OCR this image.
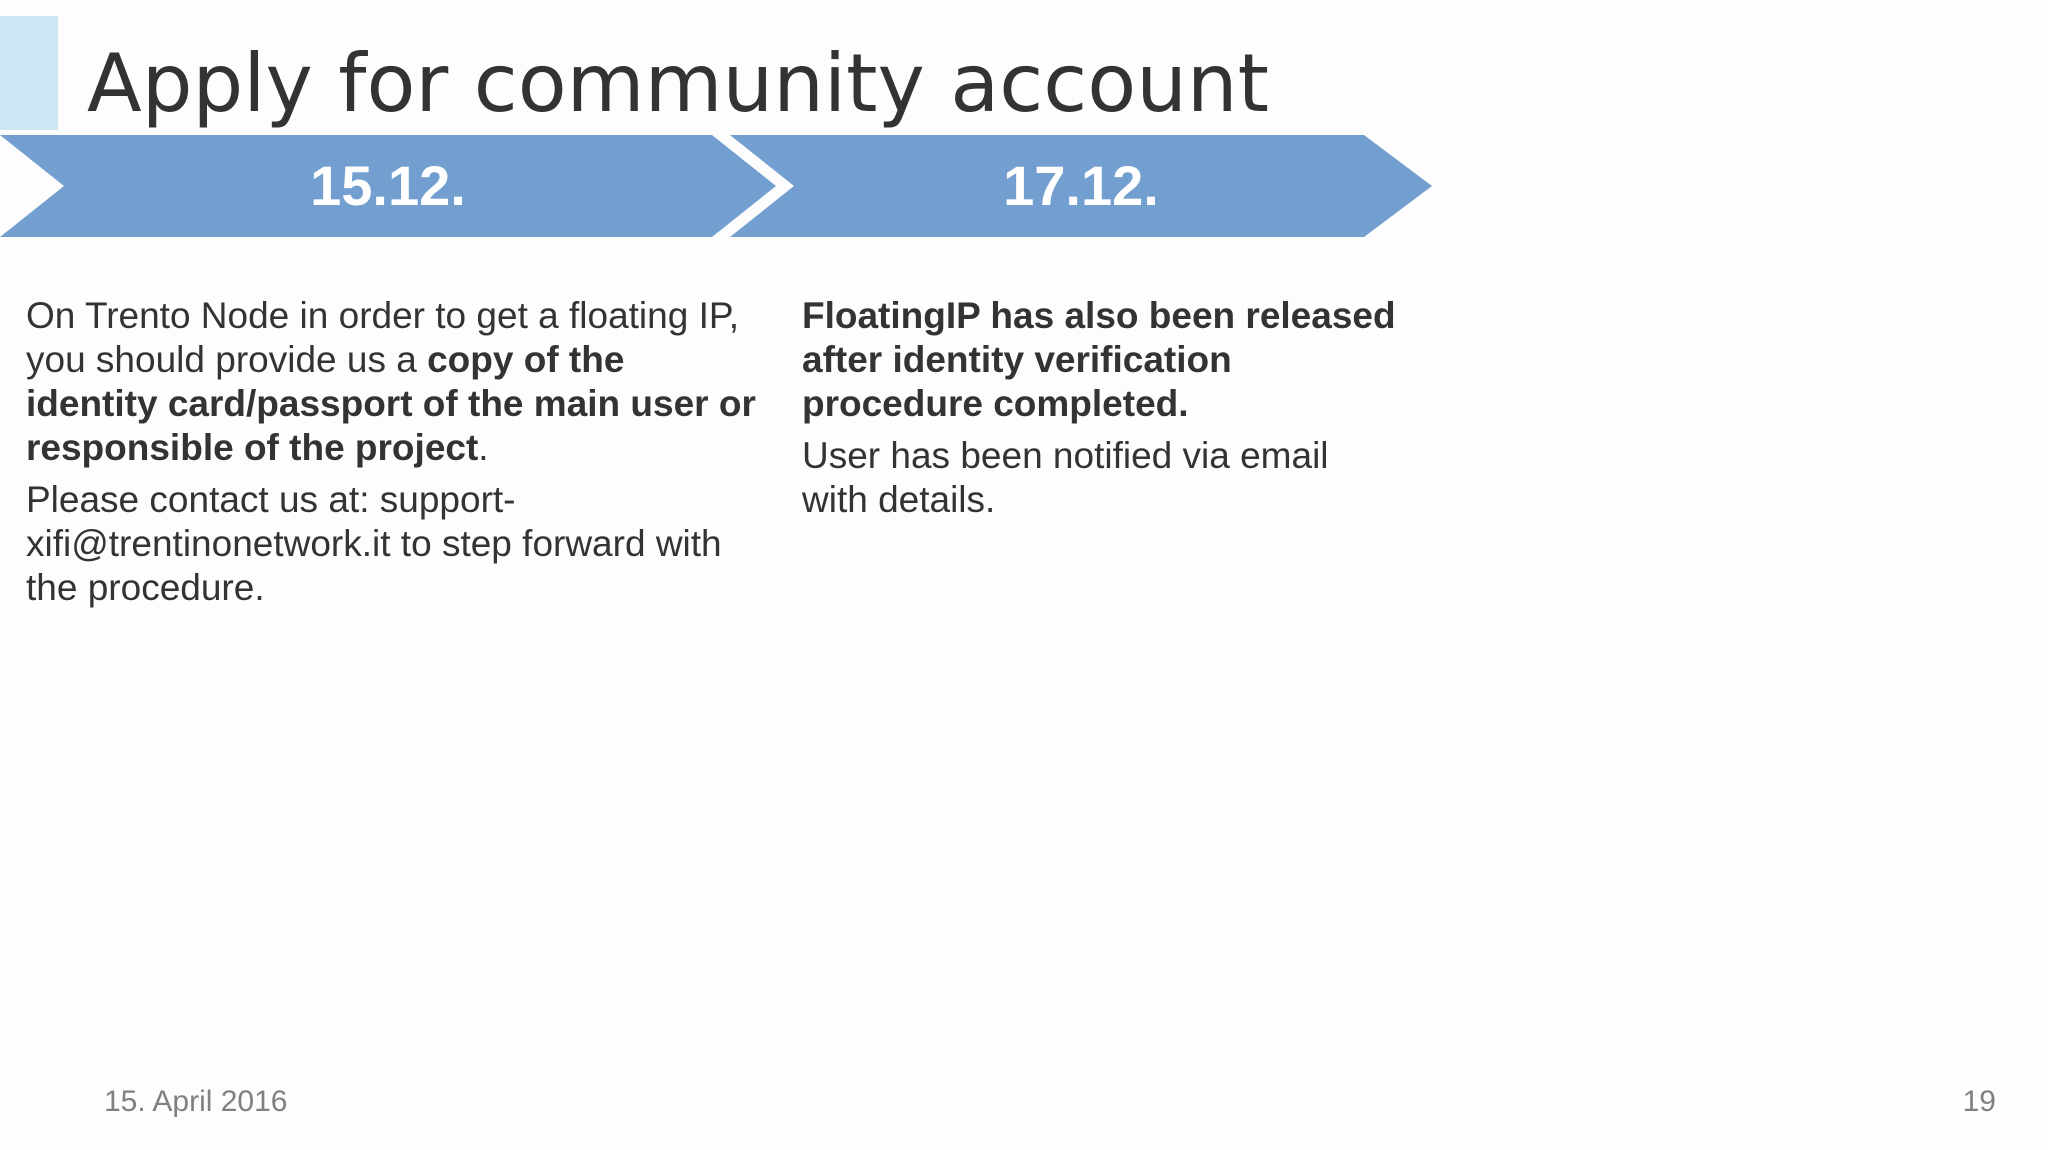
Apply for community account
15.12.	17.12.

On Trento Node in order to get a floating IP, you should provide us a copy of the identity card/passport of the main user or responsible of the project.

Please contact us at: support-xifi@trentinonetwork.it to step forward with the procedure.

FloatingIP has also been released after identity verification procedure completed.

User has been notified via email with details.

15. April 2016	19
